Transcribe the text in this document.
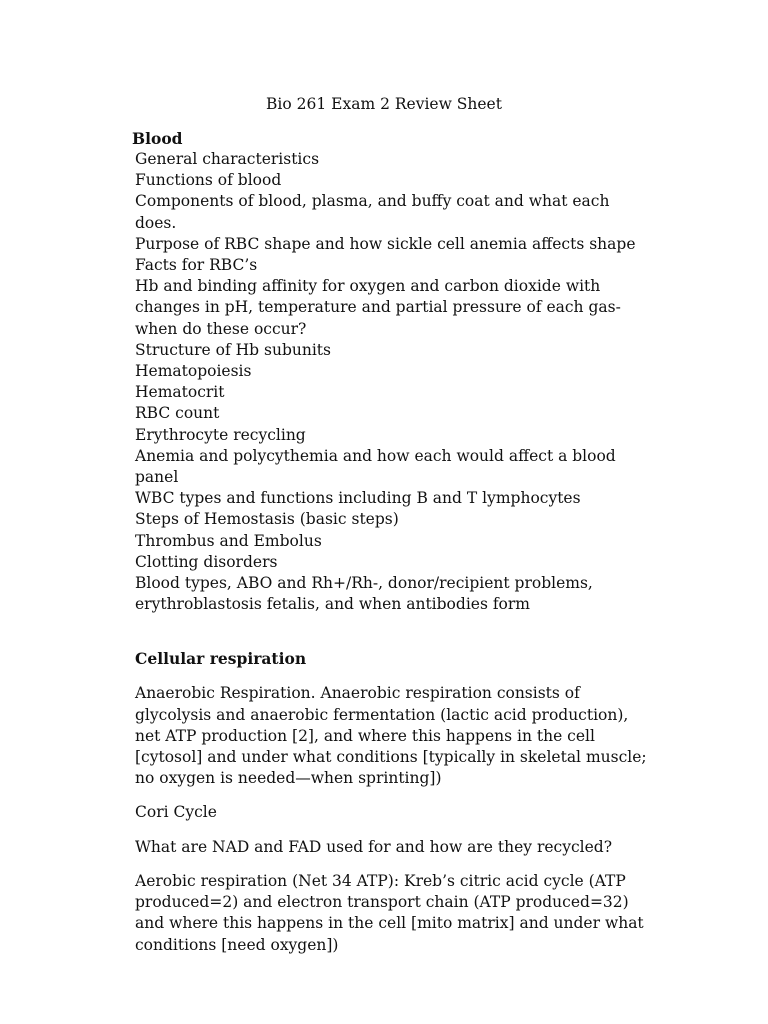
Bio 261 Exam 2 Review Sheet

Blood

General characteristics
Functions of blood
Components of blood, plasma, and buffy coat and what each does.
Purpose of RBC shape and how sickle cell anemia affects shape
Facts for RBC’s
Hb and binding affinity for oxygen and carbon dioxide with changes in pH, temperature and partial pressure of each gas-when do these occur?
Structure of Hb subunits
Hematopoiesis
Hematocrit
RBC count
Erythrocyte recycling
Anemia and polycythemia and how each would affect a blood panel
WBC types and functions including B and T lymphocytes
Steps of Hemostasis (basic steps)
Thrombus and Embolus
Clotting disorders
Blood types, ABO and Rh+/Rh-, donor/recipient problems, erythroblastosis fetalis, and when antibodies form

Cellular respiration

Anaerobic Respiration. Anaerobic respiration consists of glycolysis and anaerobic fermentation (lactic acid production), net ATP production [2], and where this happens in the cell [cytosol] and under what conditions [typically in skeletal muscle; no oxygen is needed—when sprinting])

Cori Cycle

What are NAD and FAD used for and how are they recycled?

Aerobic respiration (Net 34 ATP): Kreb’s citric acid cycle (ATP produced=2) and electron transport chain (ATP produced=32) and where this happens in the cell [mito matrix] and under what conditions [need oxygen])
